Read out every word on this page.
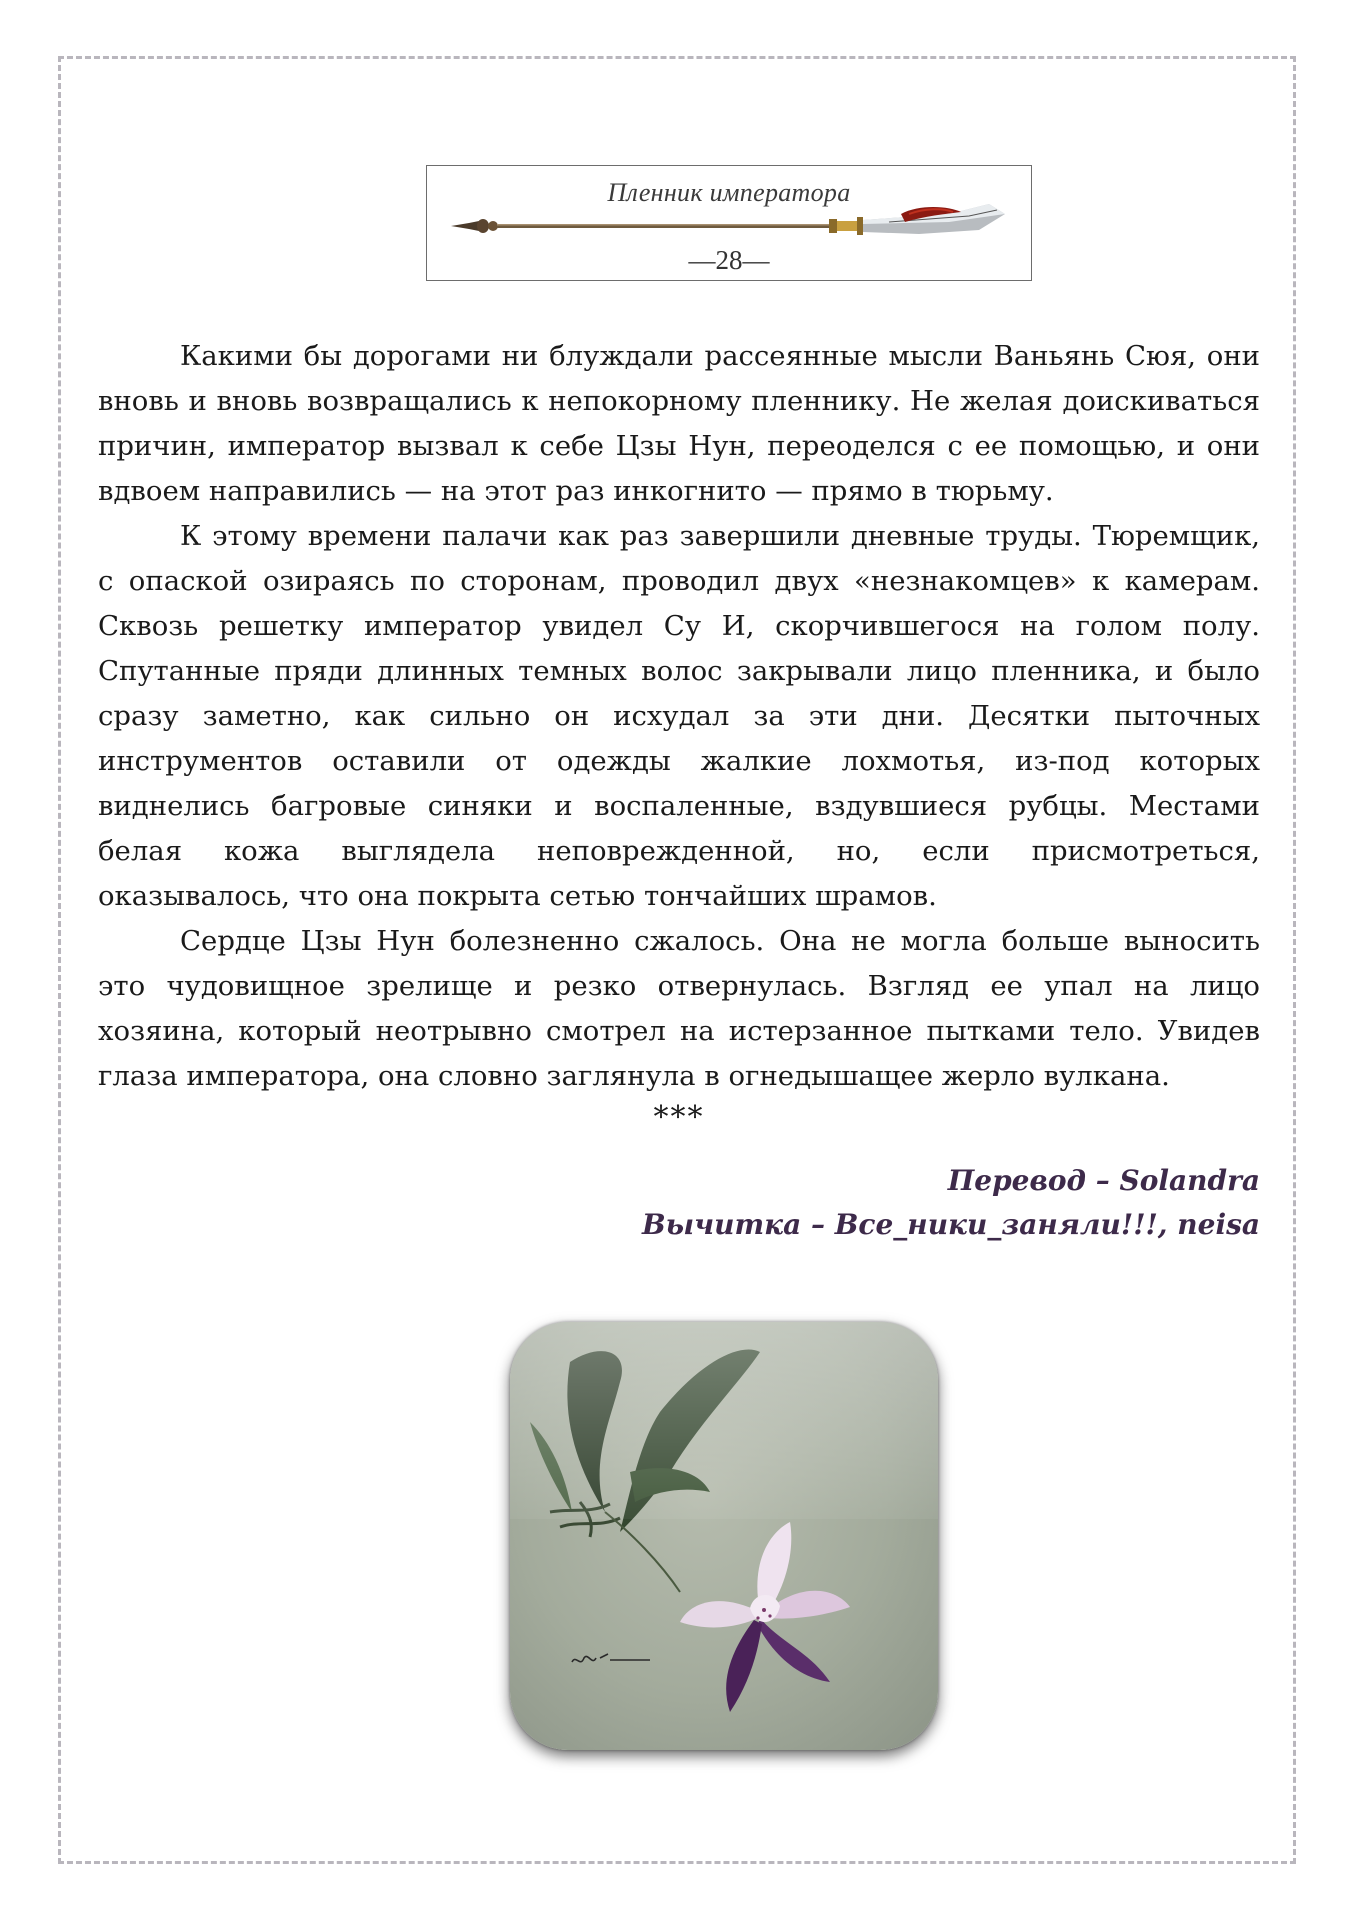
Пленник императора
—28—

Какими бы дорогами ни блуждали рассеянные мысли Ваньянь Сюя, они вновь и вновь возвращались к непокорному пленнику. Не желая доискиваться причин, император вызвал к себе Цзы Нун, переоделся с ее помощью, и они вдвоем направились — на этот раз инкогнито — прямо в тюрьму.

К этому времени палачи как раз завершили дневные труды. Тюремщик, с опаской озираясь по сторонам, проводил двух «незнакомцев» к камерам. Сквозь решетку император увидел Су И, скорчившегося на голом полу. Спутанные пряди длинных темных волос закрывали лицо пленника, и было сразу заметно, как сильно он исхудал за эти дни. Десятки пыточных инструментов оставили от одежды жалкие лохмотья, из-под которых виднелись багровые синяки и воспаленные, вздувшиеся рубцы. Местами белая кожа выглядела неповрежденной, но, если присмотреться, оказывалось, что она покрыта сетью тончайших шрамов.

Сердце Цзы Нун болезненно сжалось. Она не могла больше выносить это чудовищное зрелище и резко отвернулась. Взгляд ее упал на лицо хозяина, который неотрывно смотрел на истерзанное пытками тело. Увидев глаза императора, она словно заглянула в огнедышащее жерло вулкана.

***
Перевод – Solandra
Вычитка – Все_ники_заняли!!!, neisa
